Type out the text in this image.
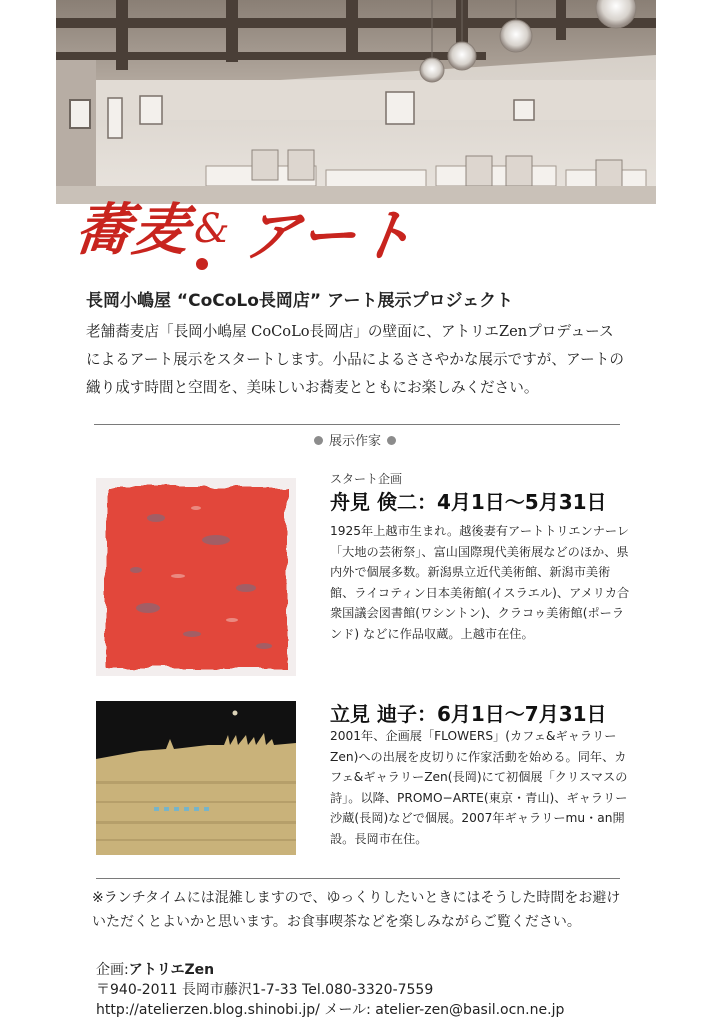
蕎麦 & アート
長岡小嶋屋 “CoCoLo長岡店” アート展示プロジェクト
老舗蕎麦店「長岡小嶋屋 CoCoLo長岡店」の壁面に、アトリエZenプロデュースによるアート展示をスタートします。小品によるささやかな展示ですが、アートの織り成す時間と空間を、美味しいお蕎麦とともにお楽しみください。
展示作家
スタート企画
舟見 倹二：4月1日～5月31日
1925年上越市生まれ。越後妻有アートトリエンナーレ「大地の芸術祭」、富山国際現代美術展などのほか、県内外で個展多数。新潟県立近代美術館、新潟市美術館、ライコティン日本美術館(イスラエル)、アメリカ合衆国議会図書館(ワシントン)、クラコゥ美術館(ポーランド) などに作品収蔵。上越市在住。
立見 迪子：6月1日～7月31日
2001年、企画展「FLOWERS」(カフェ&ギャラリーZen)への出展を皮切りに作家活動を始める。同年、カフェ&ギャラリーZen(長岡)にて初個展「クリスマスの詩」。以降、PROMO−ARTE(東京・青山)、ギャラリー沙蔵(長岡)などで個展。2007年ギャラリーmu・an開設。長岡市在住。
※ランチタイムには混雑しますので、ゆっくりしたいときにはそうした時間をお避けいただくとよいかと思います。お食事喫茶などを楽しみながらご覧ください。
企画:アトリエZen
〒940-2011 長岡市藤沢1-7-33 Tel.080-3320-7559
http://atelierzen.blog.shinobi.jp/ メール: atelier-zen@basil.ocn.ne.jp
